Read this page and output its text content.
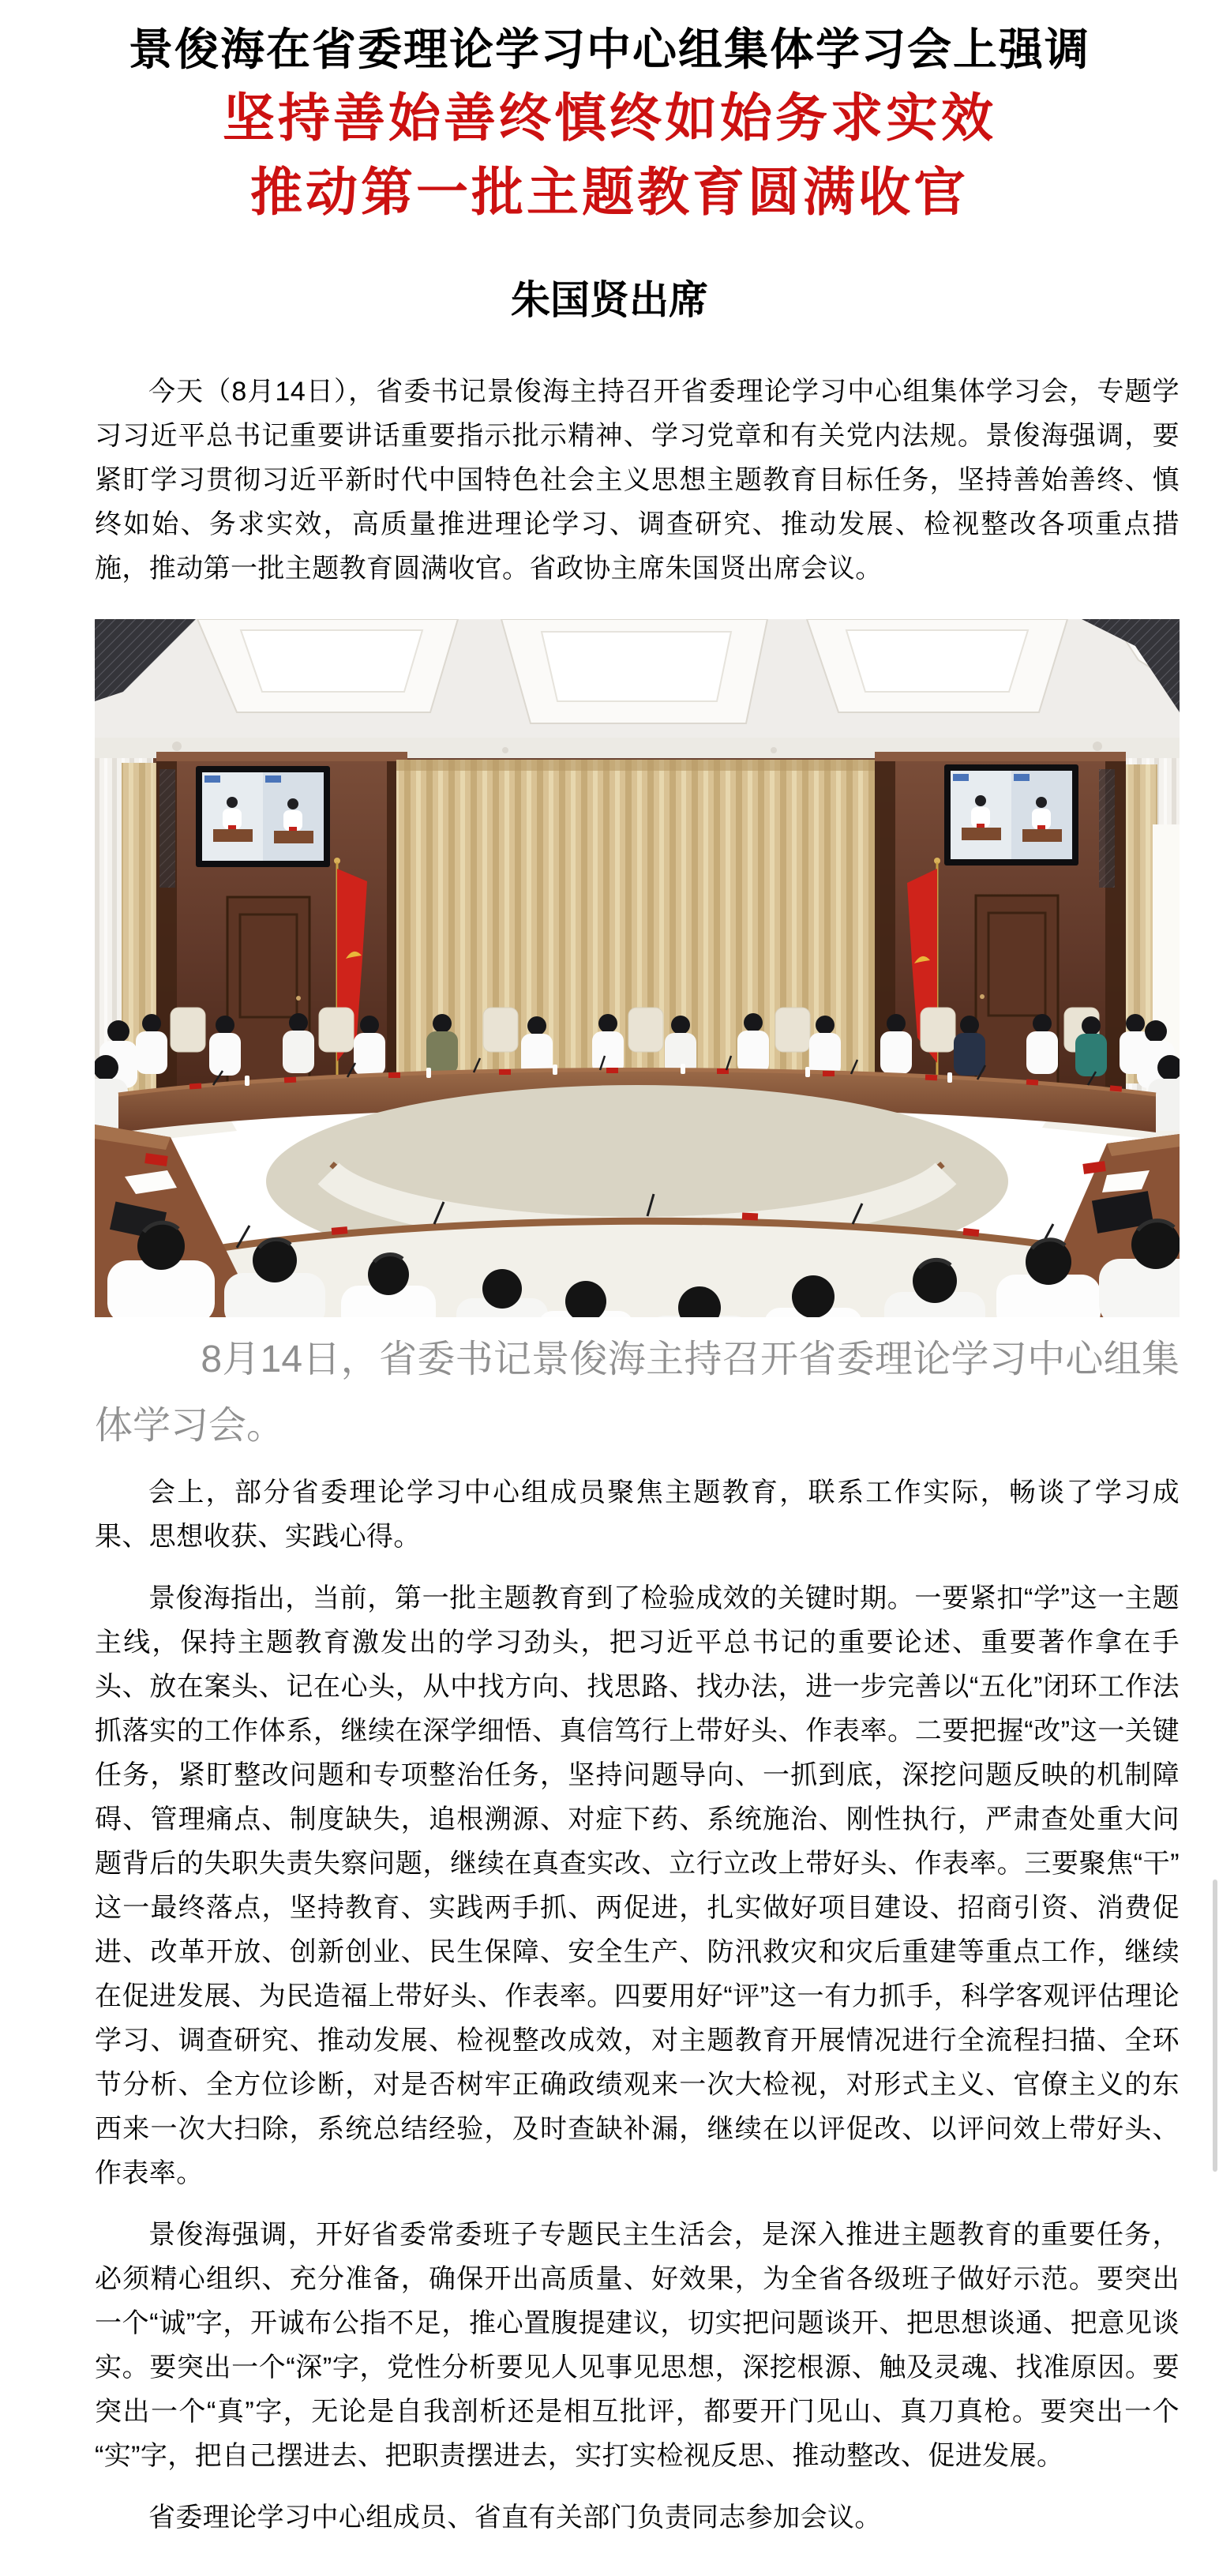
景俊海在省委理论学习中心组集体学习会上强调
坚持善始善终慎终如始务求实效
推动第一批主题教育圆满收官
朱国贤出席

今天（8月14日），省委书记景俊海主持召开省委理论学习中心组集体学习会，专题学习习近平总书记重要讲话重要指示批示精神、学习党章和有关党内法规。景俊海强调，要紧盯学习贯彻习近平新时代中国特色社会主义思想主题教育目标任务，坚持善始善终、慎终如始、务求实效，高质量推进理论学习、调查研究、推动发展、检视整改各项重点措施，推动第一批主题教育圆满收官。省政协主席朱国贤出席会议。

8月14日，省委书记景俊海主持召开省委理论学习中心组集体学习会。

会上，部分省委理论学习中心组成员聚焦主题教育，联系工作实际，畅谈了学习成果、思想收获、实践心得。

景俊海指出，当前，第一批主题教育到了检验成效的关键时期。一要紧扣“学”这一主题主线，保持主题教育激发出的学习劲头，把习近平总书记的重要论述、重要著作拿在手头、放在案头、记在心头，从中找方向、找思路、找办法，进一步完善以“五化”闭环工作法抓落实的工作体系，继续在深学细悟、真信笃行上带好头、作表率。二要把握“改”这一关键任务，紧盯整改问题和专项整治任务，坚持问题导向、一抓到底，深挖问题反映的机制障碍、管理痛点、制度缺失，追根溯源、对症下药、系统施治、刚性执行，严肃查处重大问题背后的失职失责失察问题，继续在真查实改、立行立改上带好头、作表率。三要聚焦“干”这一最终落点，坚持教育、实践两手抓、两促进，扎实做好项目建设、招商引资、消费促进、改革开放、创新创业、民生保障、安全生产、防汛救灾和灾后重建等重点工作，继续在促进发展、为民造福上带好头、作表率。四要用好“评”这一有力抓手，科学客观评估理论学习、调查研究、推动发展、检视整改成效，对主题教育开展情况进行全流程扫描、全环节分析、全方位诊断，对是否树牢正确政绩观来一次大检视，对形式主义、官僚主义的东西来一次大扫除，系统总结经验，及时查缺补漏，继续在以评促改、以评问效上带好头、作表率。

景俊海强调，开好省委常委班子专题民主生活会，是深入推进主题教育的重要任务，必须精心组织、充分准备，确保开出高质量、好效果，为全省各级班子做好示范。要突出一个“诚”字，开诚布公指不足，推心置腹提建议，切实把问题谈开、把思想谈通、把意见谈实。要突出一个“深”字，党性分析要见人见事见思想，深挖根源、触及灵魂、找准原因。要突出一个“真”字，无论是自我剖析还是相互批评，都要开门见山、真刀真枪。要突出一个“实”字，把自己摆进去、把职责摆进去，实打实检视反思、推动整改、促进发展。

省委理论学习中心组成员、省直有关部门负责同志参加会议。
